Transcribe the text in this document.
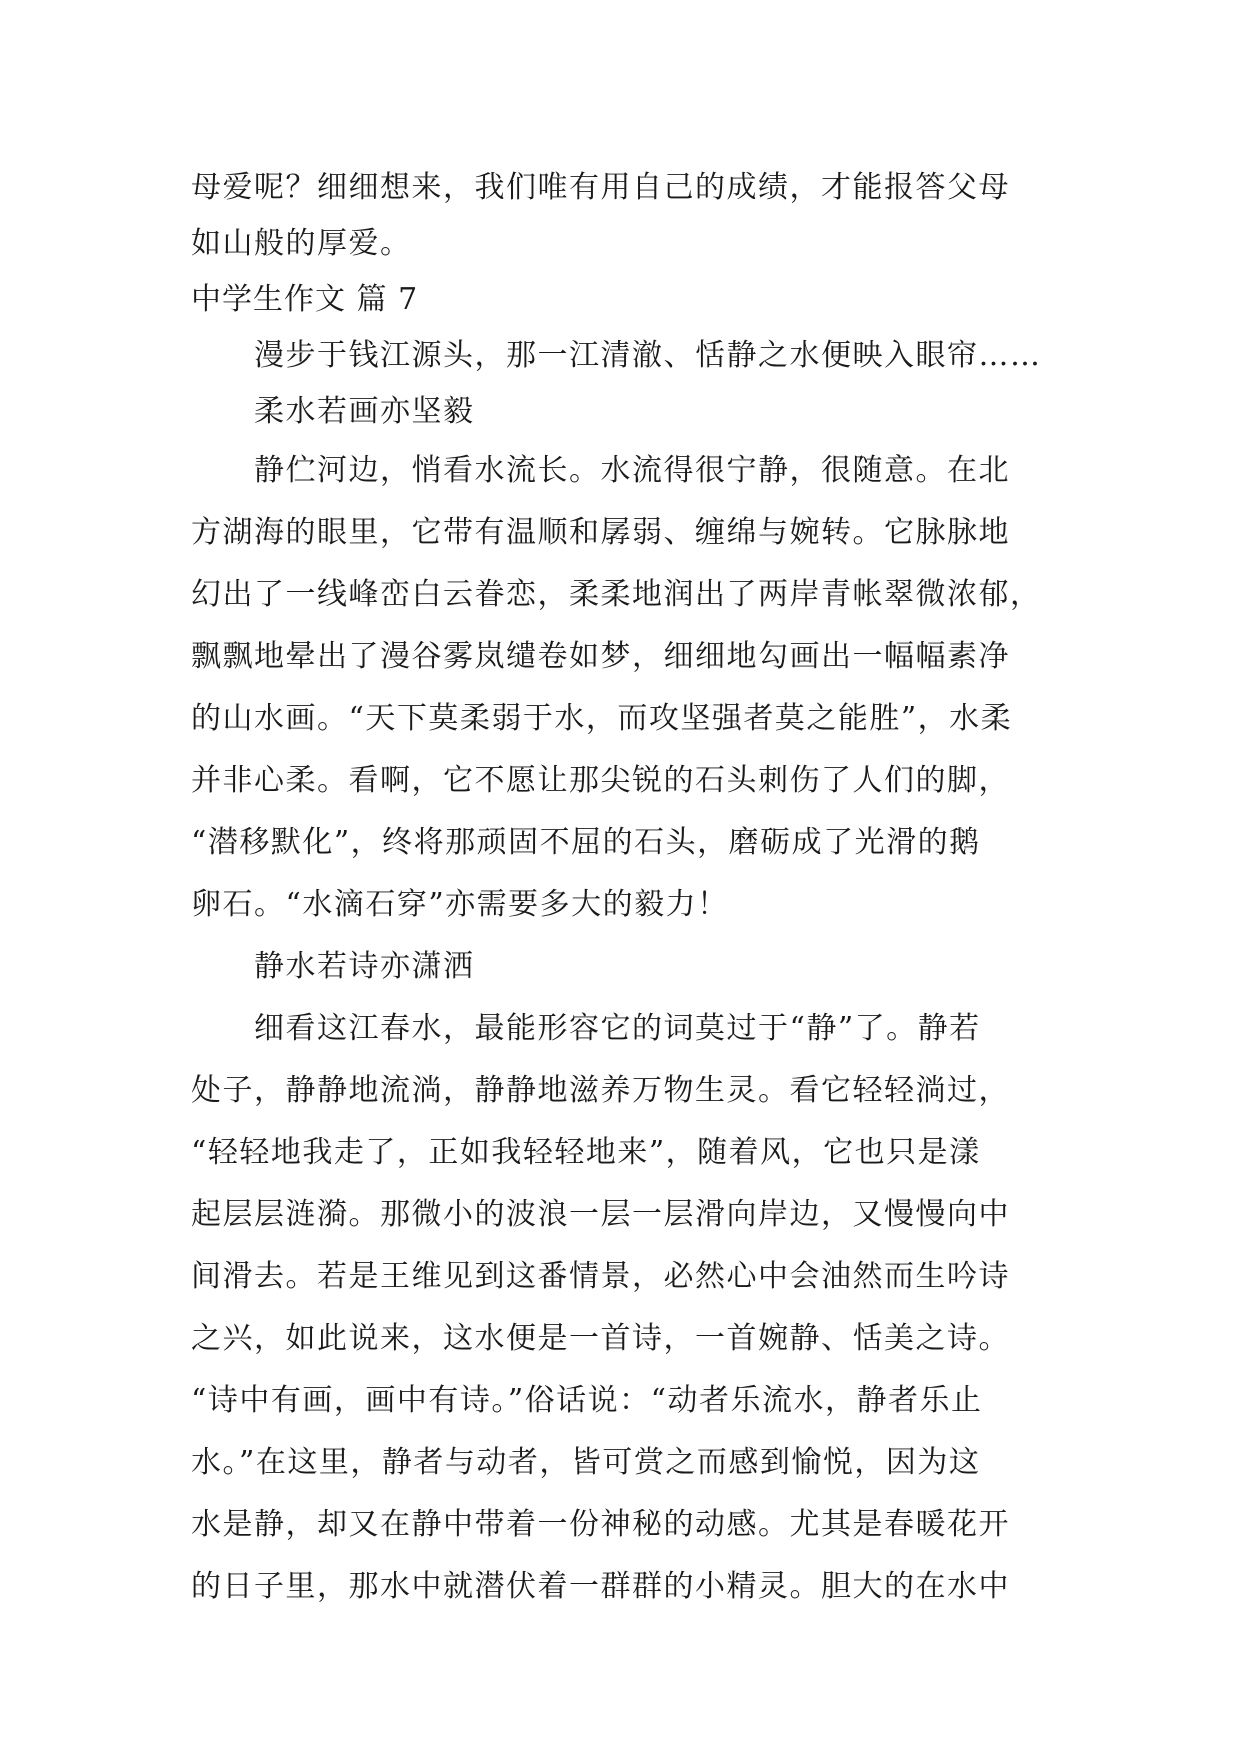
母爱呢？细细想来，我们唯有用自己的成绩，才能报答父母
如山般的厚爱。
中学生作文 篇 7
漫步于钱江源头，那一江清澈、恬静之水便映入眼帘……
柔水若画亦坚毅
静伫河边，悄看水流长。水流得很宁静，很随意。在北
方湖海的眼里，它带有温顺和孱弱、缠绵与婉转。它脉脉地
幻出了一线峰峦白云眷恋，柔柔地润出了两岸青帐翠微浓郁，
飘飘地晕出了漫谷雾岚缱卷如梦，细细地勾画出一幅幅素净
的山水画。“天下莫柔弱于水，而攻坚强者莫之能胜”，水柔
并非心柔。看啊，它不愿让那尖锐的石头刺伤了人们的脚，
“潜移默化”，终将那顽固不屈的石头，磨砺成了光滑的鹅
卵石。“水滴石穿”亦需要多大的毅力！
静水若诗亦潇洒
细看这江春水，最能形容它的词莫过于“静”了。静若
处子，静静地流淌，静静地滋养万物生灵。看它轻轻淌过，
“轻轻地我走了，正如我轻轻地来”，随着风，它也只是漾
起层层涟漪。那微小的波浪一层一层滑向岸边，又慢慢向中
间滑去。若是王维见到这番情景，必然心中会油然而生吟诗
之兴，如此说来，这水便是一首诗，一首婉静、恬美之诗。
“诗中有画，画中有诗。”俗话说：“动者乐流水，静者乐止
水。”在这里，静者与动者，皆可赏之而感到愉悦，因为这
水是静，却又在静中带着一份神秘的动感。尤其是春暖花开
的日子里，那水中就潜伏着一群群的小精灵。胆大的在水中
